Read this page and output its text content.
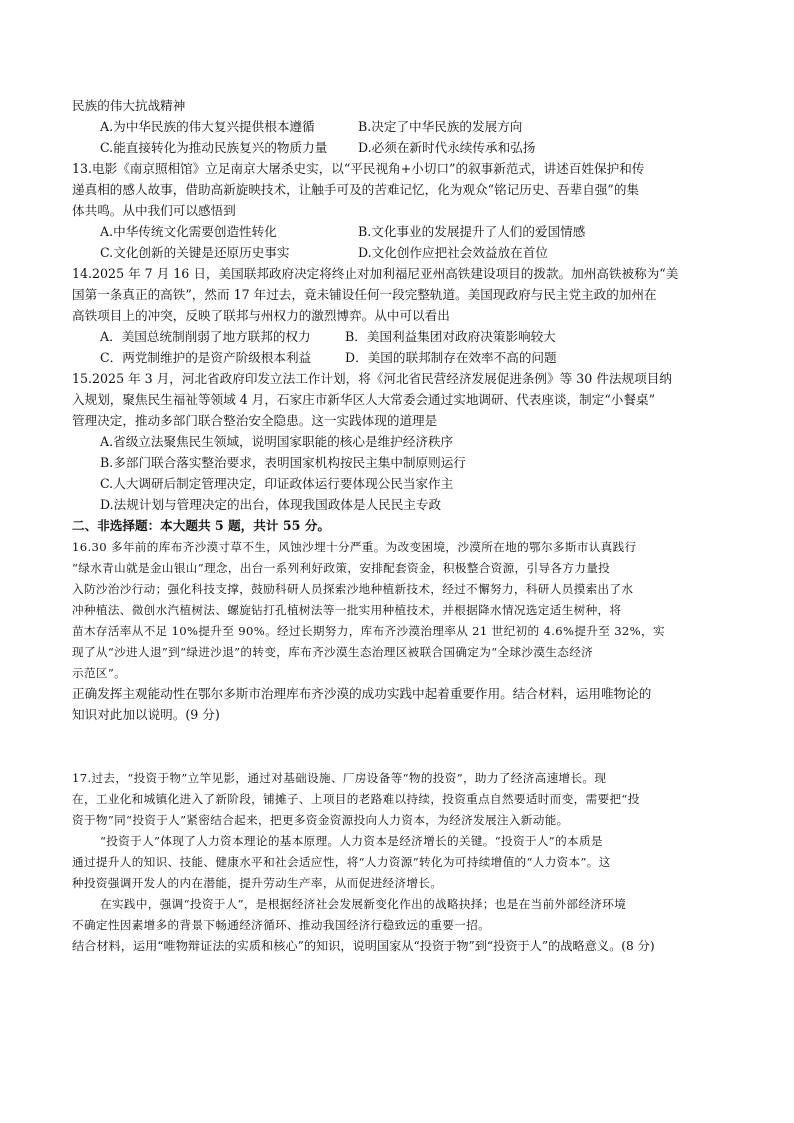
民族的伟大抗战精神
A.为中华民族的伟大复兴提供根本遵循	B.决定了中华民族的发展方向
C.能直接转化为推动民族复兴的物质力量 D.必须在新时代永续传承和弘扬
13.电影《南京照相馆》立足南京大屠杀史实，以“平民视角+小切口”的叙事新范式，讲述百姓保护和传
递真相的感人故事，借助高新旋映技术，让触手可及的苦难记忆，化为观众“铭记历史、吾辈自强”的集
体共鸣。从中我们可以感悟到
A.中华传统文化需要创造性转化	B.文化事业的发展提升了人们的爱国情感
C.文化创新的关键是还原历史事实	D.文化创作应把社会效益放在首位
14.2025 年 7 月 16 日，美国联邦政府决定将终止对加利福尼亚州高铁建设项目的拨款。加州高铁被称为“美
国第一条真正的高铁”，然而 17 年过去，竟未铺设任何一段完整轨道。美国现政府与民主党主政的加州在
高铁项目上的冲突，反映了联邦与州权力的激烈博弈。从中可以看出
A．美国总统制削弱了地方联邦的权力	B．美国利益集团对政府决策影响较大
C．两党制维护的是资产阶级根本利益	D．美国的联邦制存在效率不高的问题
15.2025 年 3 月，河北省政府印发立法工作计划，将《河北省民营经济发展促进条例》等 30 件法规项目纳
入规划，聚焦民生福祉等领域 4 月，石家庄市新华区人大常委会通过实地调研、代表座谈，制定“小餐桌”
管理决定，推动多部门联合整治安全隐患。这一实践体现的道理是
A.省级立法聚焦民生领域，说明国家职能的核心是维护经济秩序
B.多部门联合落实整治要求，表明国家机构按民主集中制原则运行
C.人大调研后制定管理决定，印证政体运行要体现公民当家作主
D.法规计划与管理决定的出台，体现我国政体是人民民主专政
二、非选择题：本大题共 5 题，共计 55 分。
16.30 多年前的库布齐沙漠寸草不生，风蚀沙埋十分严重。为改变困境，沙漠所在地的鄂尔多斯市认真践行
“绿水青山就是金山银山”理念，出台一系列利好政策，安排配套资金，积极整合资源，引导各方力量投
入防沙治沙行动；强化科技支撑，鼓励科研人员探索沙地种植新技术，经过不懈努力，科研人员摸索出了水
冲种植法、微创水汽植树法、螺旋钻打孔植树法等一批实用种植技术，并根据降水情况选定适生树种，将
苗木存活率从不足 10%提升至 90%。经过长期努力，库布齐沙漠治理率从 21 世纪初的 4.6%提升至 32%，实
现了从“沙进人退”到“绿进沙退”的转变，库布齐沙漠生态治理区被联合国确定为“全球沙漠生态经济
示范区”。
正确发挥主观能动性在鄂尔多斯市治理库布齐沙漠的成功实践中起着重要作用。结合材料，运用唯物论的
知识对此加以说明。(9 分)
17.过去，“投资于物”立竿见影，通过对基础设施、厂房设备等“物的投资”，助力了经济高速增长。现
在，工业化和城镇化进入了新阶段，铺摊子、上项目的老路难以持续，投资重点自然要适时而变，需要把“投
资于物”同“投资于人”紧密结合起来，把更多资金资源投向人力资本，为经济发展注入新动能。
“投资于人”体现了人力资本理论的基本原理。人力资本是经济增长的关键。“投资于人”的本质是
通过提升人的知识、技能、健康水平和社会适应性，将“人力资源”转化为可持续增值的“人力资本”。这
种投资强调开发人的内在潜能，提升劳动生产率，从而促进经济增长。
在实践中，强调“投资于人”，是根据经济社会发展新变化作出的战略抉择；也是在当前外部经济环境
不确定性因素增多的背景下畅通经济循环、推动我国经济行稳致远的重要一招。
结合材料，运用“唯物辩证法的实质和核心”的知识，说明国家从“投资于物”到“投资于人”的战略意义。(8 分)
